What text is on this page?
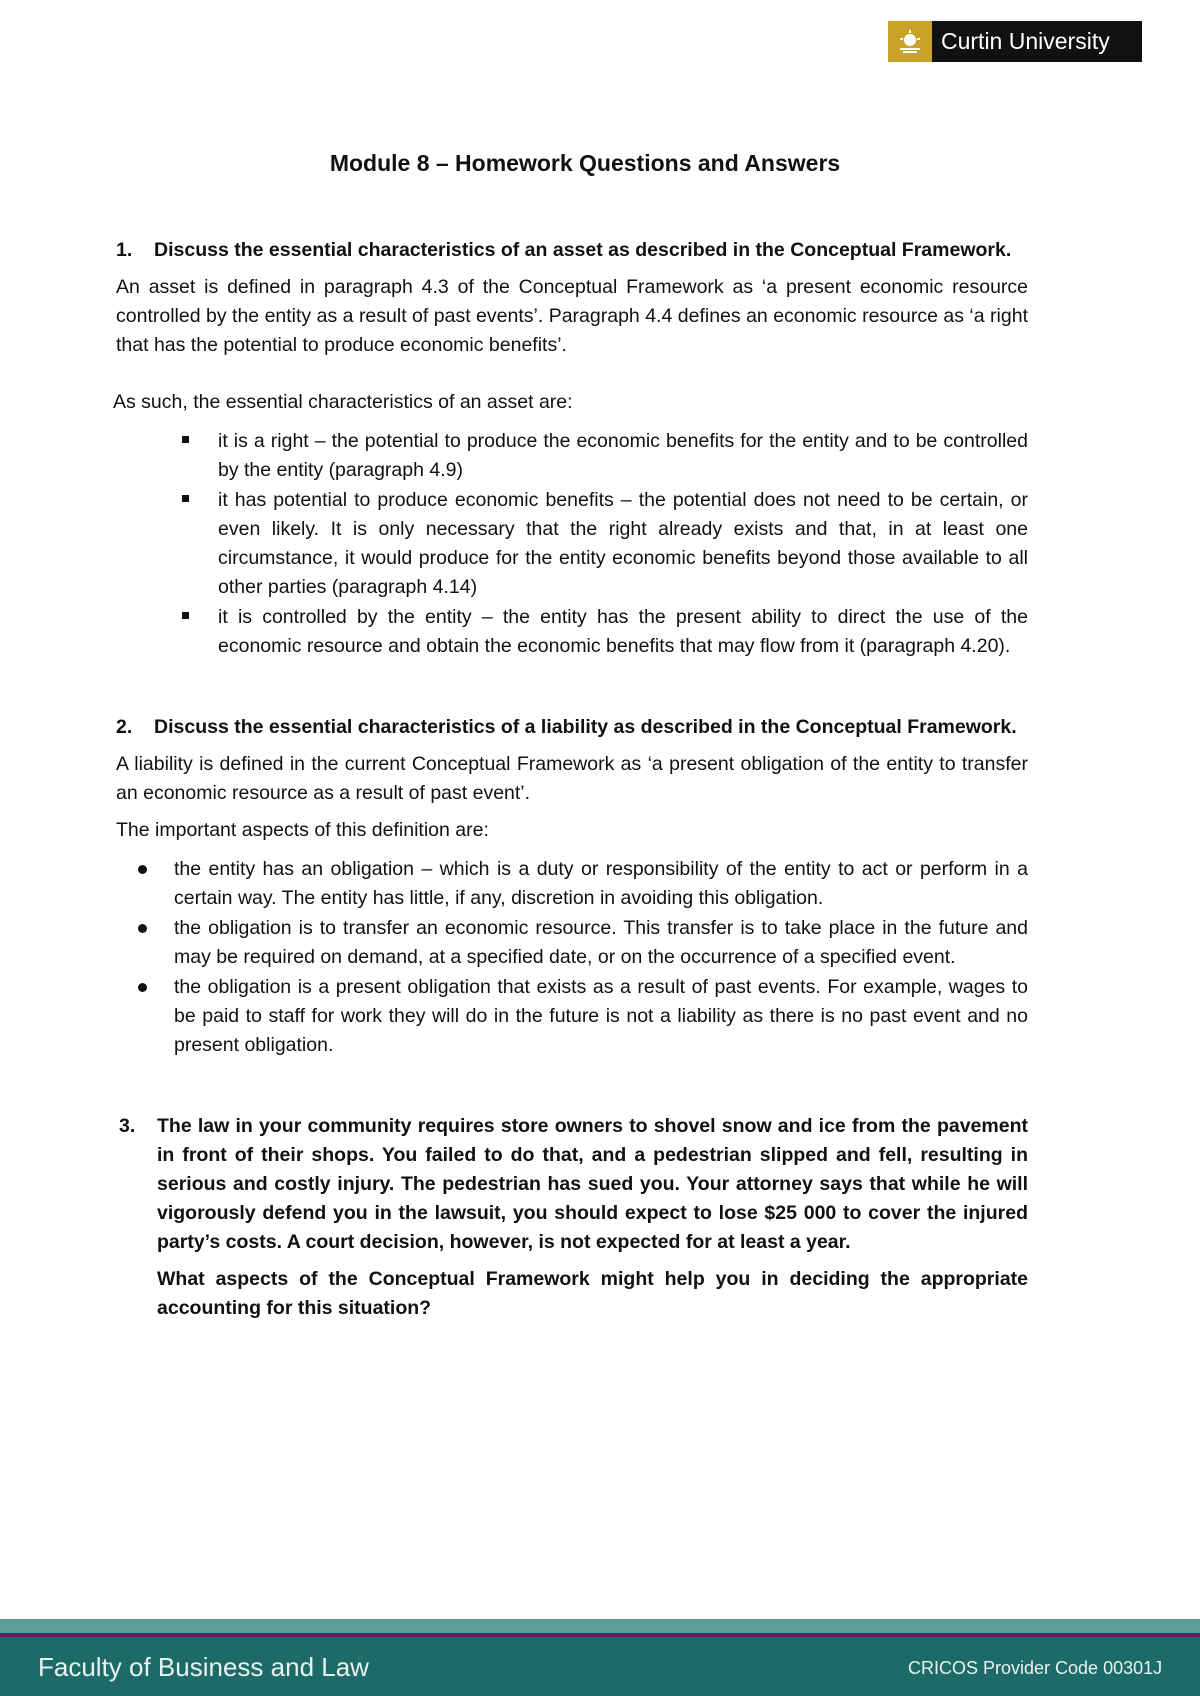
Curtin University
Module 8 – Homework Questions and Answers
1.	Discuss the essential characteristics of an asset as described in the Conceptual Framework.

An asset is defined in paragraph 4.3 of the Conceptual Framework as ‘a present economic resource controlled by the entity as a result of past events’. Paragraph 4.4 defines an economic resource as ‘a right that has the potential to produce economic benefits’.

As such, the essential characteristics of an asset are:

it is a right – the potential to produce the economic benefits for the entity and to be controlled by the entity (paragraph 4.9)
it has potential to produce economic benefits – the potential does not need to be certain, or even likely. It is only necessary that the right already exists and that, in at least one circumstance, it would produce for the entity economic benefits beyond those available to all other parties (paragraph 4.14)
it is controlled by the entity – the entity has the present ability to direct the use of the economic resource and obtain the economic benefits that may flow from it (paragraph 4.20).
2.	Discuss the essential characteristics of a liability as described in the Conceptual Framework.

A liability is defined in the current Conceptual Framework as ‘a present obligation of the entity to transfer an economic resource as a result of past event’.

The important aspects of this definition are:

the entity has an obligation – which is a duty or responsibility of the entity to act or perform in a certain way. The entity has little, if any, discretion in avoiding this obligation.
the obligation is to transfer an economic resource. This transfer is to take place in the future and may be required on demand, at a specified date, or on the occurrence of a specified event.
the obligation is a present obligation that exists as a result of past events. For example, wages to be paid to staff for work they will do in the future is not a liability as there is no past event and no present obligation.
3.	The law in your community requires store owners to shovel snow and ice from the pavement in front of their shops. You failed to do that, and a pedestrian slipped and fell, resulting in serious and costly injury. The pedestrian has sued you. Your attorney says that while he will vigorously defend you in the lawsuit, you should expect to lose $25 000 to cover the injured party’s costs. A court decision, however, is not expected for at least a year.
What aspects of the Conceptual Framework might help you in deciding the appropriate accounting for this situation?
Faculty of Business and Law	CRICOS Provider Code 00301J
